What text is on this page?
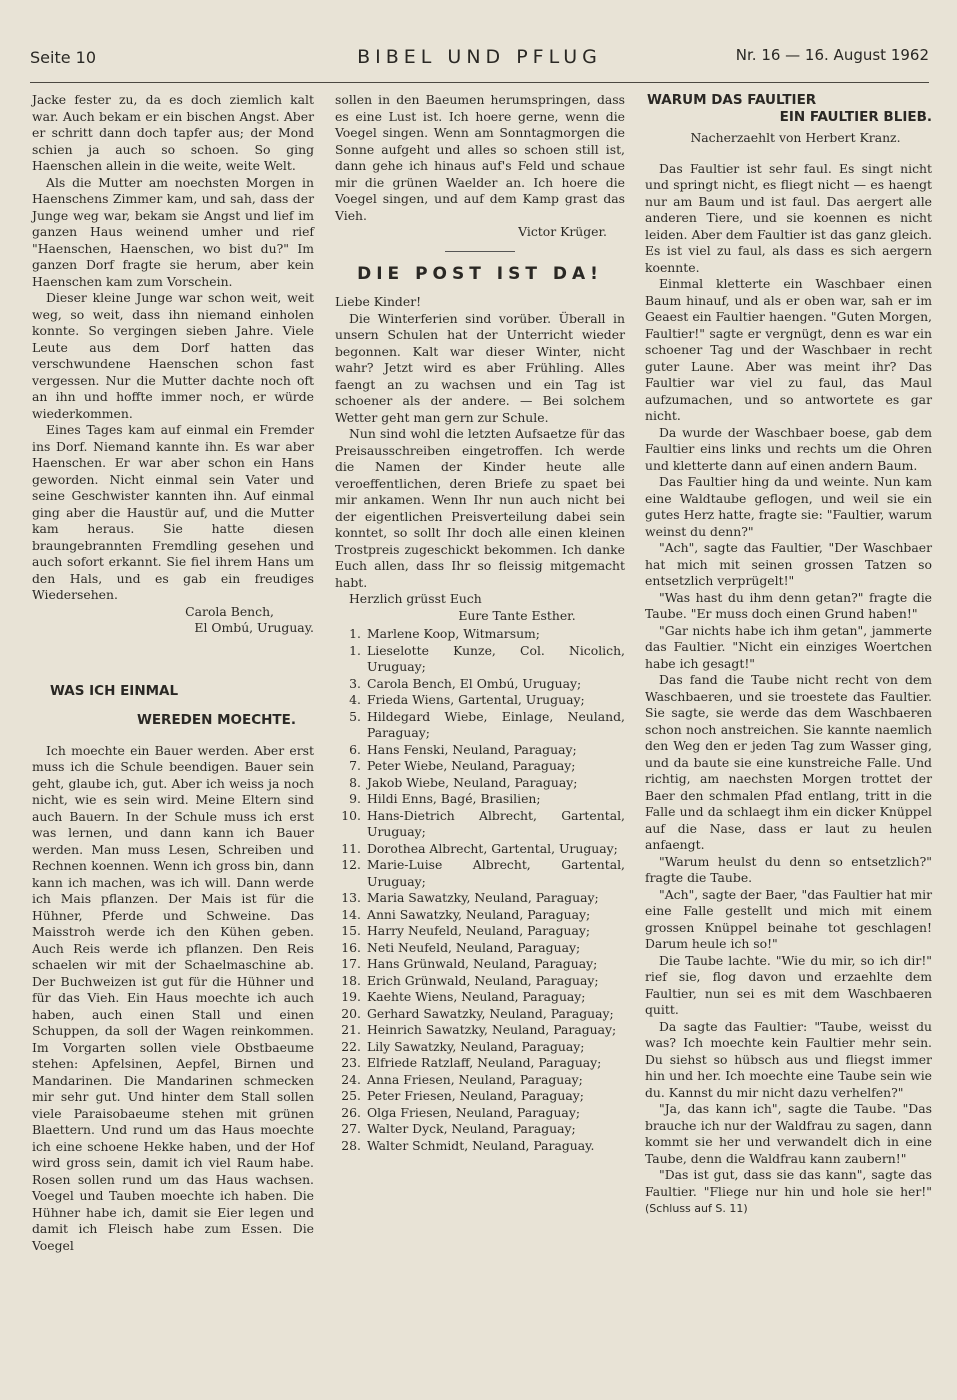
Seite 10	BIBEL UND PFLUG	Nr. 16 — 16. August 1962

Jacke fester zu, da es doch ziemlich kalt war. Auch bekam er ein bischen Angst. Aber er schritt dann doch tapfer aus; der Mond schien ja auch so schoen. So ging Haenschen allein in die weite, weite Welt.

Als die Mutter am noechsten Morgen in Haenschens Zimmer kam, und sah, dass der Junge weg war, bekam sie Angst und lief im ganzen Haus weinend umher und rief "Haenschen, Haenschen, wo bist du?" Im ganzen Dorf fragte sie herum, aber kein Haenschen kam zum Vorschein.

Dieser kleine Junge war schon weit, weit weg, so weit, dass ihn niemand einholen konnte. So vergingen sieben Jahre. Viele Leute aus dem Dorf hatten das verschwundene Haenschen schon fast vergessen. Nur die Mutter dachte noch oft an ihn und hoffte immer noch, er würde wiederkommen.

Eines Tages kam auf einmal ein Fremder ins Dorf. Niemand kannte ihn. Es war aber Haenschen. Er war aber schon ein Hans geworden. Nicht einmal sein Vater und seine Geschwister kannten ihn. Auf einmal ging aber die Haustür auf, und die Mutter kam heraus. Sie hatte diesen braungebrannten Fremdling gesehen und auch sofort erkannt. Sie fiel ihrem Hans um den Hals, und es gab ein freudiges Wiedersehen.

Carola Bench,

El Ombú, Uruguay.

WAS ICH EINMAL
WEREDEN MOECHTE.

Ich moechte ein Bauer werden. Aber erst muss ich die Schule beendigen. Bauer sein geht, glaube ich, gut. Aber ich weiss ja noch nicht, wie es sein wird. Meine Eltern sind auch Bauern. In der Schule muss ich erst was lernen, und dann kann ich Bauer werden. Man muss Lesen, Schreiben und Rechnen koennen. Wenn ich gross bin, dann kann ich machen, was ich will. Dann werde ich Mais pflanzen. Der Mais ist für die Hühner, Pferde und Schweine. Das Maisstroh werde ich den Kühen geben. Auch Reis werde ich pflanzen. Den Reis schaelen wir mit der Schaelmaschine ab. Der Buchweizen ist gut für die Hühner und für das Vieh. Ein Haus moechte ich auch haben, auch einen Stall und einen Schuppen, da soll der Wagen reinkommen. Im Vorgarten sollen viele Obstbaeume stehen: Apfelsinen, Aepfel, Birnen und Mandarinen. Die Mandarinen schmecken mir sehr gut. Und hinter dem Stall sollen viele Paraisobaeume stehen mit grünen Blaettern. Und rund um das Haus moechte ich eine schoene Hekke haben, und der Hof wird gross sein, damit ich viel Raum habe. Rosen sollen rund um das Haus wachsen. Voegel und Tauben moechte ich haben. Die Hühner habe ich, damit sie Eier legen und damit ich Fleisch habe zum Essen. Die Voegel

sollen in den Baeumen herumspringen, dass es eine Lust ist. Ich hoere gerne, wenn die Voegel singen. Wenn am Sonntagmorgen die Sonne aufgeht und alles so schoen still ist, dann gehe ich hinaus auf's Feld und schaue mir die grünen Waelder an. Ich hoere die Voegel singen, und auf dem Kamp grast das Vieh.

Victor Krüger.

DIE POST IST DA!

Liebe Kinder!

Die Winterferien sind vorüber. Überall in unsern Schulen hat der Unterricht wieder begonnen. Kalt war dieser Winter, nicht wahr? Jetzt wird es aber Frühling. Alles faengt an zu wachsen und ein Tag ist schoener als der andere. — Bei solchem Wetter geht man gern zur Schule.

Nun sind wohl die letzten Aufsaetze für das Preisausschreiben eingetroffen. Ich werde die Namen der Kinder heute alle veroeffentlichen, deren Briefe zu spaet bei mir ankamen. Wenn Ihr nun auch nicht bei der eigentlichen Preisverteilung dabei sein konntet, so sollt Ihr doch alle einen kleinen Trostpreis zugeschickt bekommen. Ich danke Euch allen, dass Ihr so fleissig mitgemacht habt.

Herzlich grüsst Euch

Eure Tante Esther.

1. Marlene Koop, Witmarsum;
1. Lieselotte Kunze, Col. Nicolich, Uruguay;
3. Carola Bench, El Ombú, Uruguay;
4. Frieda Wiens, Gartental, Uruguay;
5. Hildegard Wiebe, Einlage, Neuland, Paraguay;
6. Hans Fenski, Neuland, Paraguay;
7. Peter Wiebe, Neuland, Paraguay;
8. Jakob Wiebe, Neuland, Paraguay;
9. Hildi Enns, Bagé, Brasilien;
10. Hans-Dietrich Albrecht, Gartental, Uruguay;
11. Dorothea Albrecht, Gartental, Uruguay;
12. Marie-Luise Albrecht, Gartental, Uruguay;
13. Maria Sawatzky, Neuland, Paraguay;
14. Anni Sawatzky, Neuland, Paraguay;
15. Harry Neufeld, Neuland, Paraguay;
16. Neti Neufeld, Neuland, Paraguay;
17. Hans Grünwald, Neuland, Paraguay;
18. Erich Grünwald, Neuland, Paraguay;
19. Kaehte Wiens, Neuland, Paraguay;
20. Gerhard Sawatzky, Neuland, Paraguay;
21. Heinrich Sawatzky, Neuland, Paraguay;
22. Lily Sawatzky, Neuland, Paraguay;
23. Elfriede Ratzlaff, Neuland, Paraguay;
24. Anna Friesen, Neuland, Paraguay;
25. Peter Friesen, Neuland, Paraguay;
26. Olga Friesen, Neuland, Paraguay;
27. Walter Dyck, Neuland, Paraguay;
28. Walter Schmidt, Neuland, Paraguay.
WARUM DAS FAULTIER
EIN FAULTIER BLIEB.

Nacherzaehlt von Herbert Kranz.

Das Faultier ist sehr faul. Es singt nicht und springt nicht, es fliegt nicht — es haengt nur am Baum und ist faul. Das aergert alle anderen Tiere, und sie koennen es nicht leiden. Aber dem Faultier ist das ganz gleich. Es ist viel zu faul, als dass es sich aergern koennte.

Einmal kletterte ein Waschbaer einen Baum hinauf, und als er oben war, sah er im Geaest ein Faultier haengen. "Guten Morgen, Faultier!" sagte er vergnügt, denn es war ein schoener Tag und der Waschbaer in recht guter Laune. Aber was meint ihr? Das Faultier war viel zu faul, das Maul aufzumachen, und so antwortete es gar nicht.

Da wurde der Waschbaer boese, gab dem Faultier eins links und rechts um die Ohren und kletterte dann auf einen andern Baum.

Das Faultier hing da und weinte. Nun kam eine Waldtaube geflogen, und weil sie ein gutes Herz hatte, fragte sie: "Faultier, warum weinst du denn?"

"Ach", sagte das Faultier, "Der Waschbaer hat mich mit seinen grossen Tatzen so entsetzlich verprügelt!"

"Was hast du ihm denn getan?" fragte die Taube. "Er muss doch einen Grund haben!"

"Gar nichts habe ich ihm getan", jammerte das Faultier. "Nicht ein einziges Woertchen habe ich gesagt!"

Das fand die Taube nicht recht von dem Waschbaeren, und sie troestete das Faultier. Sie sagte, sie werde das dem Waschbaeren schon noch anstreichen. Sie kannte naemlich den Weg den er jeden Tag zum Wasser ging, und da baute sie eine kunstreiche Falle. Und richtig, am naechsten Morgen trottet der Baer den schmalen Pfad entlang, tritt in die Falle und da schlaegt ihm ein dicker Knüppel auf die Nase, dass er laut zu heulen anfaengt.

"Warum heulst du denn so entsetzlich?" fragte die Taube.

"Ach", sagte der Baer, "das Faultier hat mir eine Falle gestellt und mich mit einem grossen Knüppel beinahe tot geschlagen! Darum heule ich so!"

Die Taube lachte. "Wie du mir, so ich dir!" rief sie, flog davon und erzaehlte dem Faultier, nun sei es mit dem Waschbaeren quitt.

Da sagte das Faultier: "Taube, weisst du was? Ich moechte kein Faultier mehr sein. Du siehst so hübsch aus und fliegst immer hin und her. Ich moechte eine Taube sein wie du. Kannst du mir nicht dazu verhelfen?"

"Ja, das kann ich", sagte die Taube. "Das brauche ich nur der Waldfrau zu sagen, dann kommt sie her und verwandelt dich in eine Taube, denn die Waldfrau kann zaubern!"

"Das ist gut, dass sie das kann", sagte das Faultier. "Fliege nur hin und hole sie her!" (Schluss auf S. 11)
